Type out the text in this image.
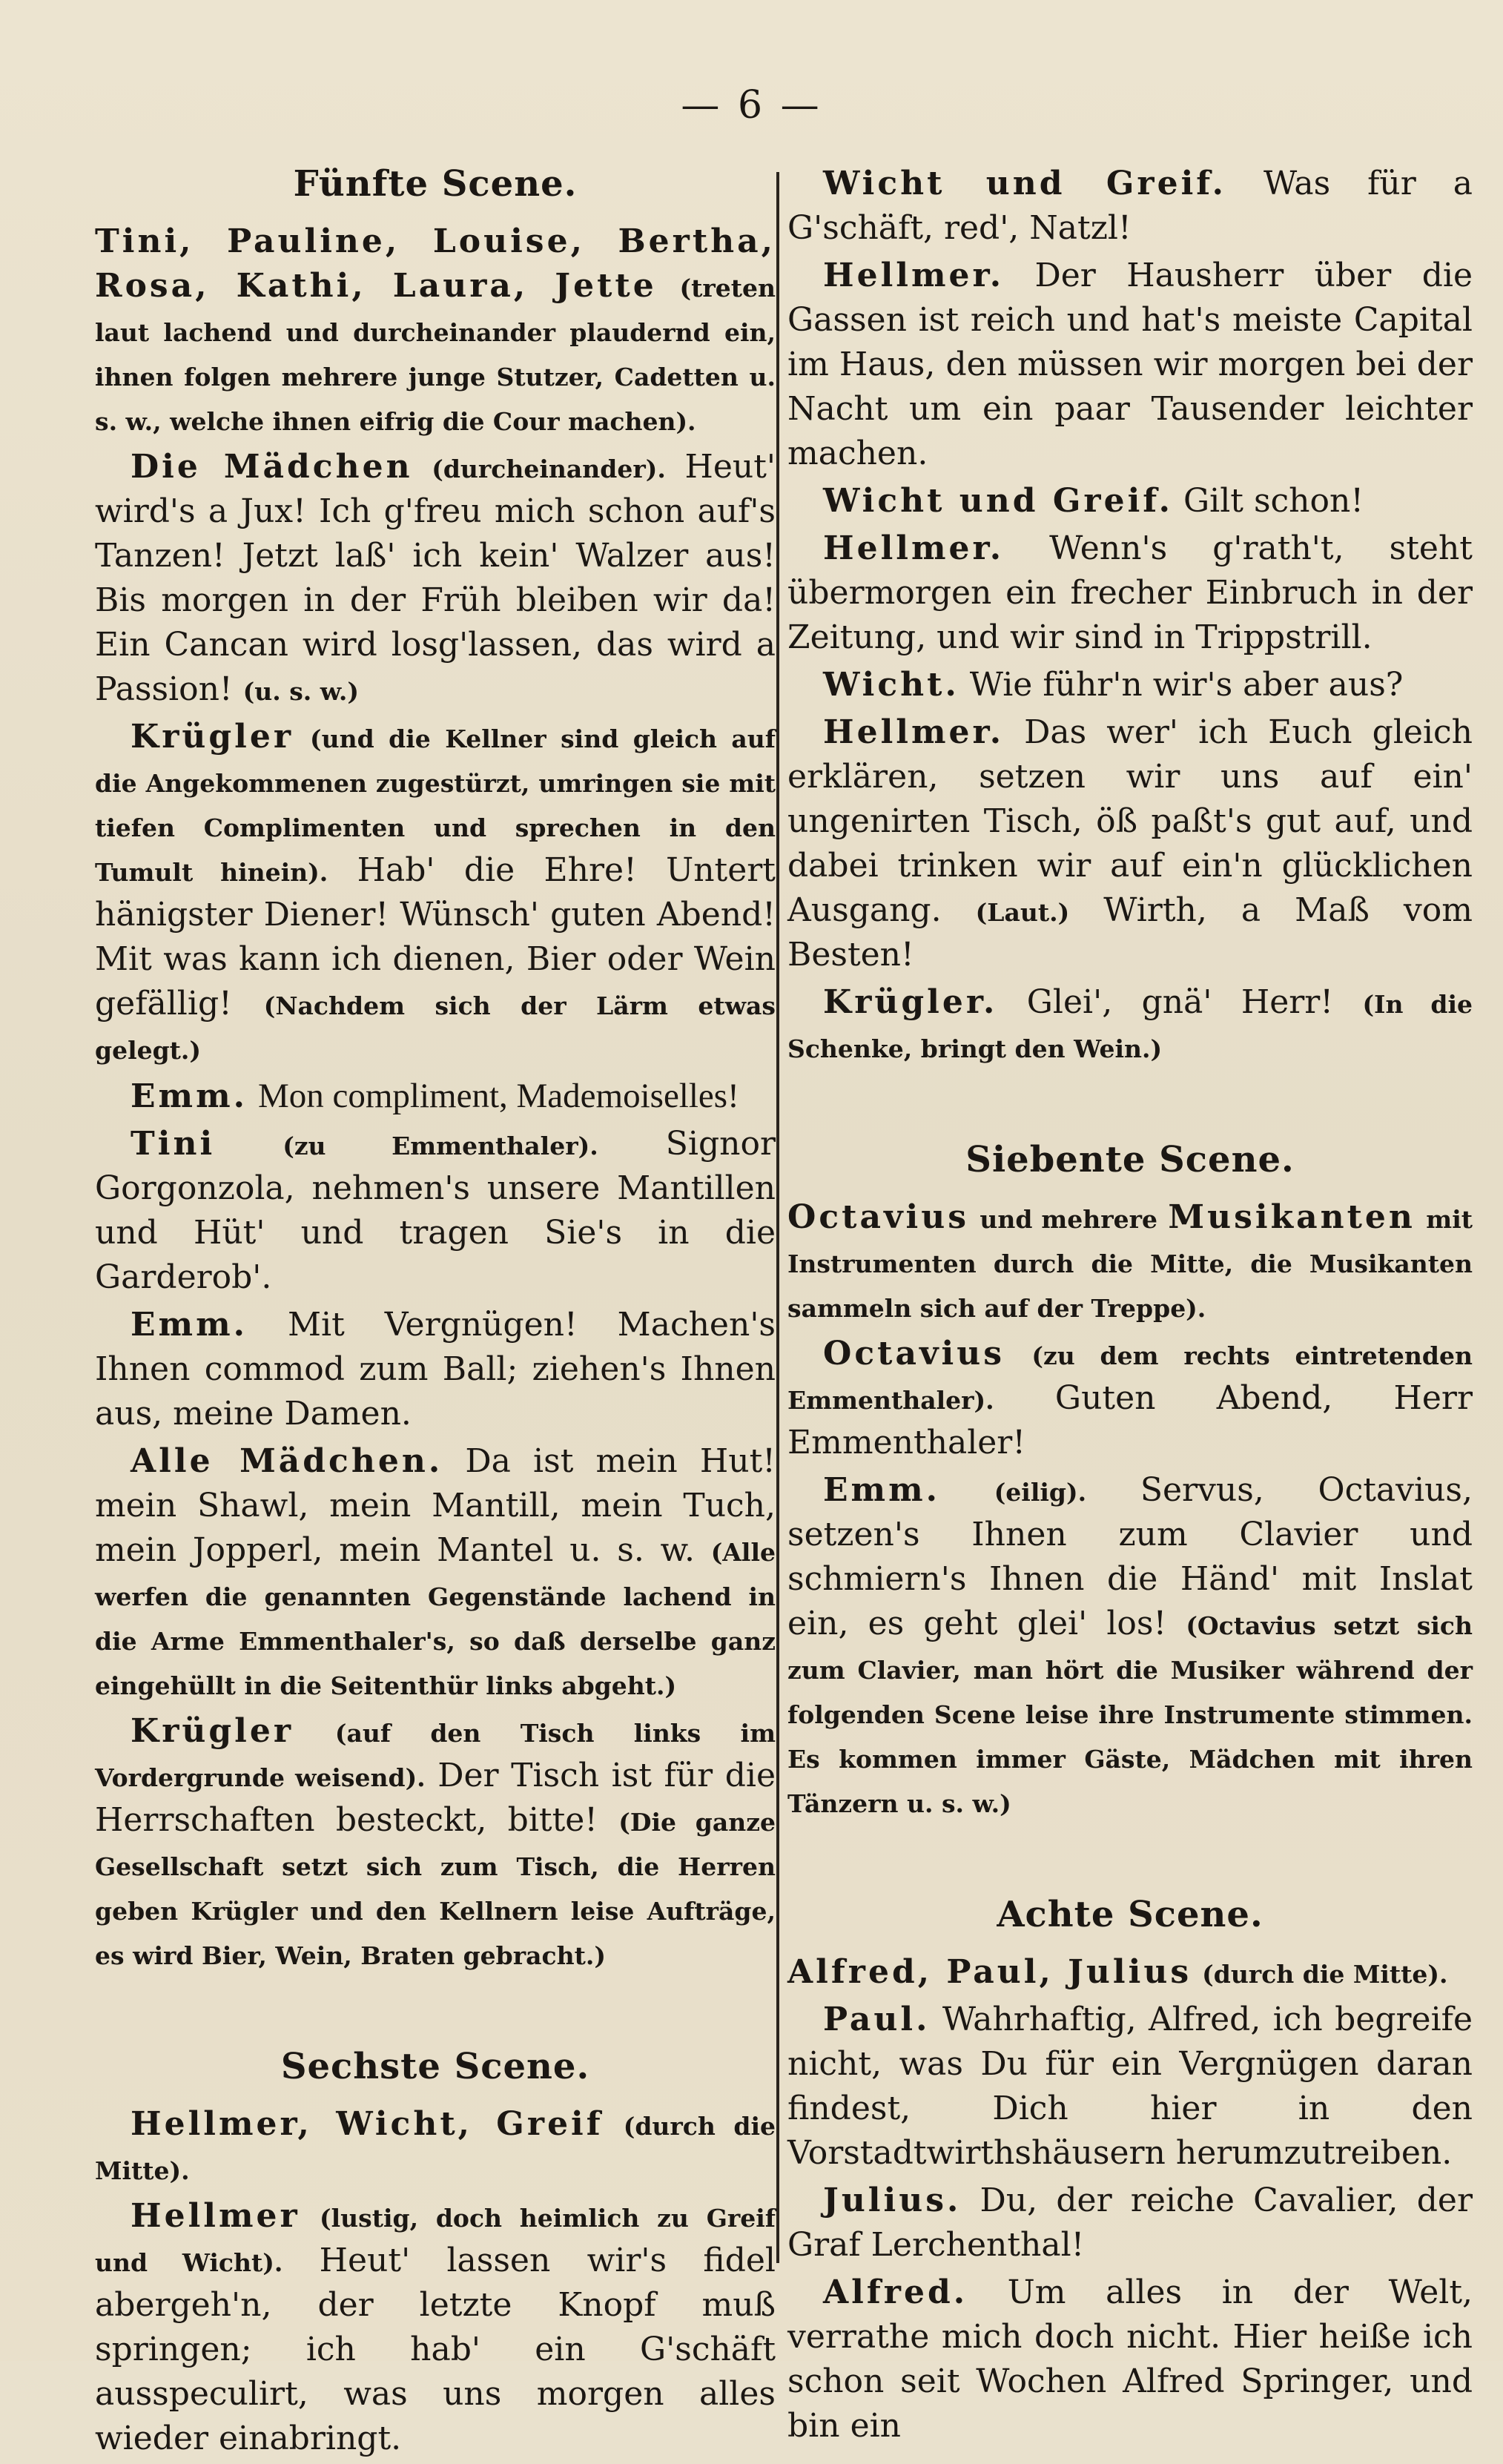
— 6 —
Fünfte Scene.

Tini, Pauline, Louise, Bertha, Rosa, Kathi, Laura, Jette (treten laut lachend und durcheinander plaudernd ein, ihnen folgen mehrere junge Stutzer, Cadetten u. s. w., welche ihnen eifrig die Cour machen).

Die Mädchen (durcheinander). Heut' wird's a Jux! Ich g'freu mich schon auf's Tanzen! Jetzt laß' ich kein' Walzer aus! Bis morgen in der Früh bleiben wir da! Ein Cancan wird losg'lassen, das wird a Passion! (u. s. w.)

Krügler (und die Kellner sind gleich auf die Angekommenen zugestürzt, umringen sie mit tiefen Complimenten und sprechen in den Tumult hinein). Hab' die Ehre! Untert hänigster Diener! Wünsch' guten Abend! Mit was kann ich dienen, Bier oder Wein gefällig! (Nachdem sich der Lärm etwas gelegt.)

Emm. Mon compliment, Mademoiselles!

Tini	(zu Emmenthaler). Signor Gorgonzola, nehmen's unsere Mantillen und Hüt' und tragen Sie's in die Garderob'.

Emm. Mit Vergnügen! Machen's Ihnen commod zum Ball; ziehen's Ihnen aus, meine Damen.

Alle Mädchen. Da ist mein Hut! mein Shawl, mein Mantill, mein Tuch, mein Jopperl, mein Mantel u. s. w. (Alle werfen die genannten Gegenstände lachend in die Arme Emmenthaler's, so daß derselbe ganz eingehüllt in die Seitenthür links abgeht.)

Krügler (auf den Tisch links im Vordergrunde weisend). Der Tisch ist für die Herrschaften besteckt, bitte! (Die ganze Gesellschaft setzt sich zum Tisch, die Herren geben Krügler und den Kellnern leise Aufträge, es wird Bier, Wein, Braten gebracht.)

Sechste Scene.

Hellmer, Wicht, Greif (durch die Mitte).

Hellmer (lustig, doch heimlich zu Greif und Wicht). Heut' lassen wir's fidel abergeh'n, der letzte Knopf muß springen; ich hab' ein G'schäft ausspeculirt, was uns morgen alles wieder einabringt.

Wicht und Greif. Was für a G'schäft, red', Natzl!

Hellmer. Der Hausherr über die Gassen ist reich und hat's meiste Capital im Haus, den müssen wir morgen bei der Nacht um ein paar Tausender leichter machen.

Wicht und Greif. Gilt schon!

Hellmer. Wenn's g'rath't, steht übermorgen ein frecher Einbruch in der Zeitung, und wir sind in Trippstrill.

Wicht. Wie führ'n wir's aber aus?

Hellmer. Das wer' ich Euch gleich erklären, setzen wir uns auf ein' ungenirten Tisch, öß paßt's gut auf, und dabei trinken wir auf ein'n glücklichen Ausgang. (Laut.) Wirth, a Maß vom Besten!

Krügler. Glei', gnä' Herr! (In die Schenke, bringt den Wein.)

Siebente Scene.

Octavius und mehrere Musikanten mit Instrumenten durch die Mitte, die Musikanten sammeln sich auf der Treppe).

Octavius (zu dem rechts eintretenden Emmenthaler). Guten Abend, Herr Emmenthaler!

Emm. (eilig). Servus, Octavius, setzen's Ihnen zum Clavier und schmiern's Ihnen die Händ' mit Inslat ein, es geht glei' los! (Octavius setzt sich zum Clavier, man hört die Musiker während der folgenden Scene leise ihre Instrumente stimmen. Es kommen immer Gäste, Mädchen mit ihren Tänzern u. s. w.)

Achte Scene.

Alfred, Paul, Julius (durch die Mitte).

Paul. Wahrhaftig, Alfred, ich begreife nicht, was Du für ein Vergnügen daran findest, Dich hier in den Vorstadtwirthshäusern herumzutreiben.

Julius. Du, der reiche Cavalier, der Graf Lerchenthal!

Alfred. Um alles in der Welt, verrathe mich doch nicht. Hier heiße ich schon seit Wochen Alfred Springer, und bin ein
